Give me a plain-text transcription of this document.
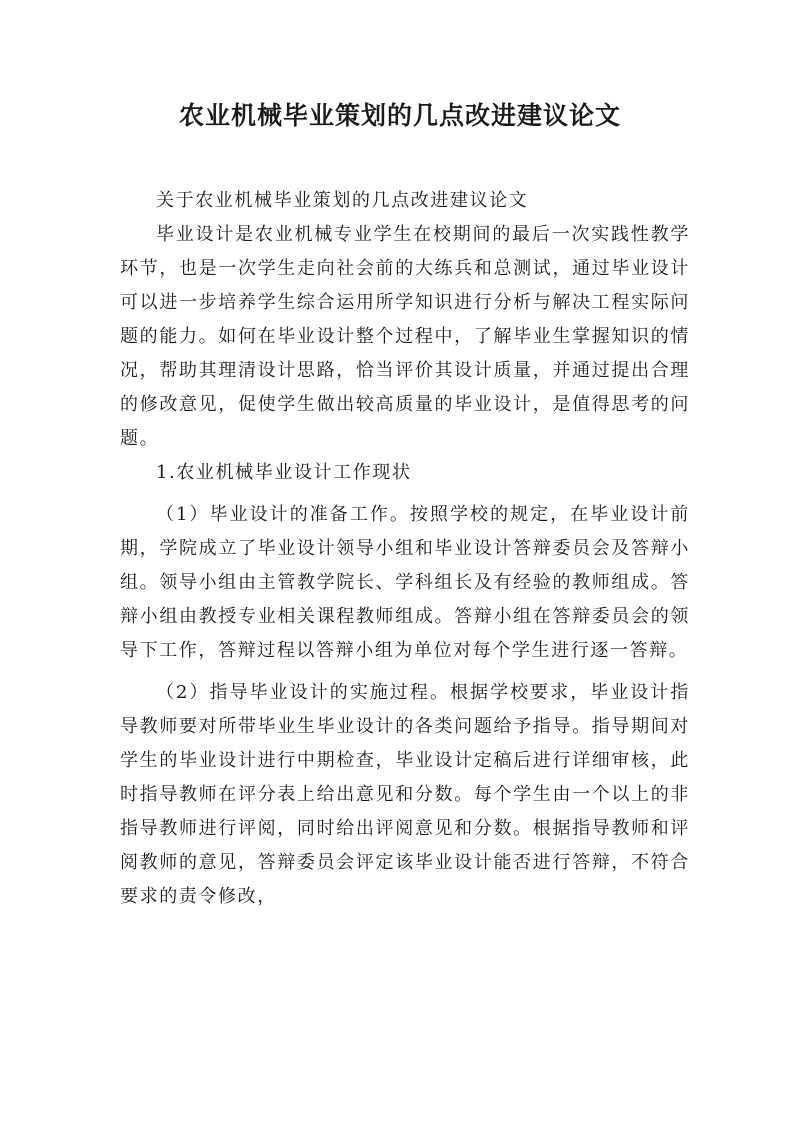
农业机械毕业策划的几点改进建议论文

关于农业机械毕业策划的几点改进建议论文

毕业设计是农业机械专业学生在校期间的最后一次实践性教学环节，也是一次学生走向社会前的大练兵和总测试，通过毕业设计可以进一步培养学生综合运用所学知识进行分析与解决工程实际问题的能力。如何在毕业设计整个过程中，了解毕业生掌握知识的情况，帮助其理清设计思路，恰当评价其设计质量，并通过提出合理的修改意见，促使学生做出较高质量的毕业设计，是值得思考的问题。

1.农业机械毕业设计工作现状

（1）毕业设计的准备工作。按照学校的规定，在毕业设计前期，学院成立了毕业设计领导小组和毕业设计答辩委员会及答辩小组。领导小组由主管教学院长、学科组长及有经验的教师组成。答辩小组由教授专业相关课程教师组成。答辩小组在答辩委员会的领导下工作，答辩过程以答辩小组为单位对每个学生进行逐一答辩。

（2）指导毕业设计的实施过程。根据学校要求，毕业设计指导教师要对所带毕业生毕业设计的各类问题给予指导。指导期间对学生的毕业设计进行中期检查，毕业设计定稿后进行详细审核，此时指导教师在评分表上给出意见和分数。每个学生由一个以上的非指导教师进行评阅，同时给出评阅意见和分数。根据指导教师和评阅教师的意见，答辩委员会评定该毕业设计能否进行答辩，不符合要求的责令修改，
